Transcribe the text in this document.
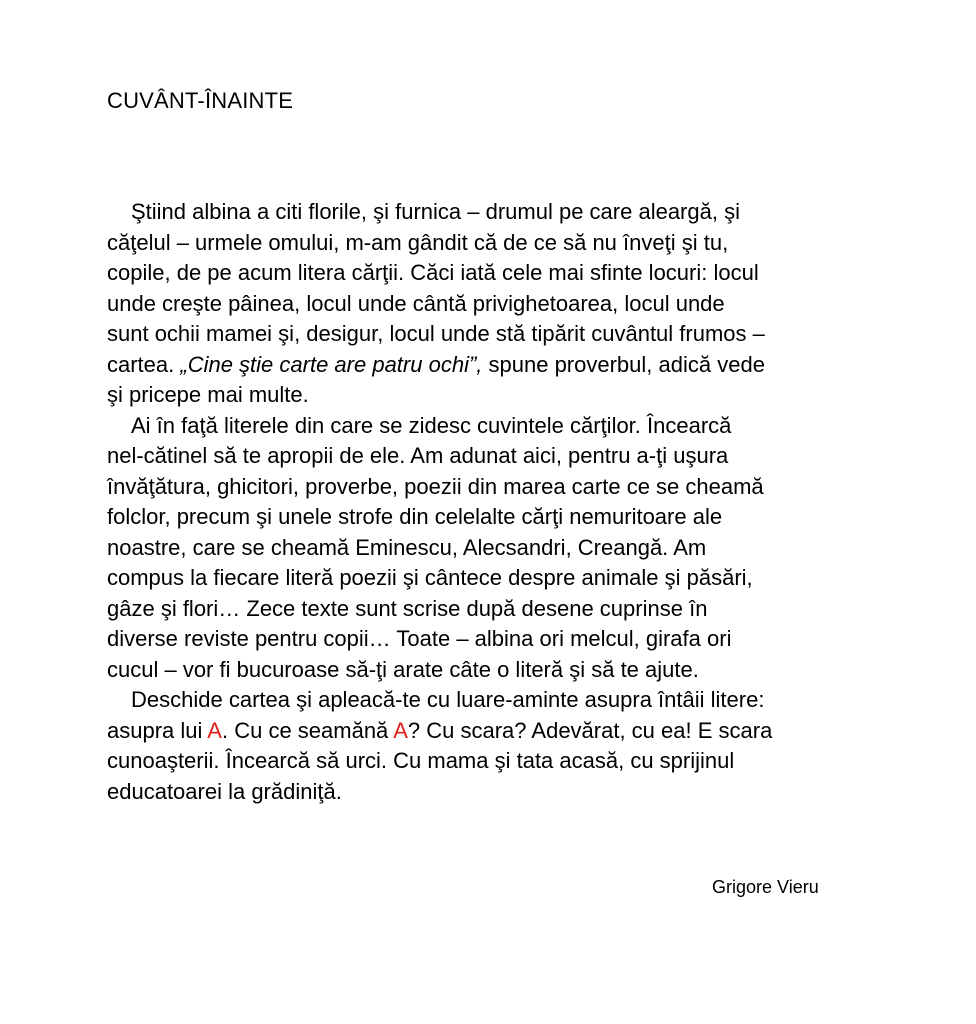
CUVÂNT-ÎNAINTE
Ştiind albina a citi florile, şi furnica – drumul pe care aleargă, şi
căţelul – urmele omului, m-am gândit că de ce să nu înveţi şi tu,
copile, de pe acum litera cărţii. Căci iată cele mai sfinte locuri: locul
unde creşte pâinea, locul unde cântă privighetoarea, locul unde
sunt ochii mamei şi, desigur, locul unde stă tipărit cuvântul frumos –
cartea. „Cine ştie carte are patru ochi”, spune proverbul, adică vede
şi pricepe mai multe.
Ai în faţă literele din care se zidesc cuvintele cărţilor. Încearcă
nel-cătinel să te apropii de ele. Am adunat aici, pentru a-ţi uşura
învăţătura, ghicitori, proverbe, poezii din marea carte ce se cheamă
folclor, precum şi unele strofe din celelalte cărţi nemuritoare ale
noastre, care se cheamă Eminescu, Alecsandri, Creangă. Am
compus la fiecare literă poezii şi cântece despre animale şi păsări,
gâze şi flori… Zece texte sunt scrise după desene cuprinse în
diverse reviste pentru copii… Toate – albina ori melcul, girafa ori
cucul – vor fi bucuroase să-ţi arate câte o literă şi să te ajute.
Deschide cartea şi apleacă-te cu luare-aminte asupra întâii litere:
asupra lui A. Cu ce seamănă A? Cu scara? Adevărat, cu ea! E scara
cunoaşterii. Încearcă să urci. Cu mama şi tata acasă, cu sprijinul
educatoarei la grădiniţă.
Grigore Vieru
